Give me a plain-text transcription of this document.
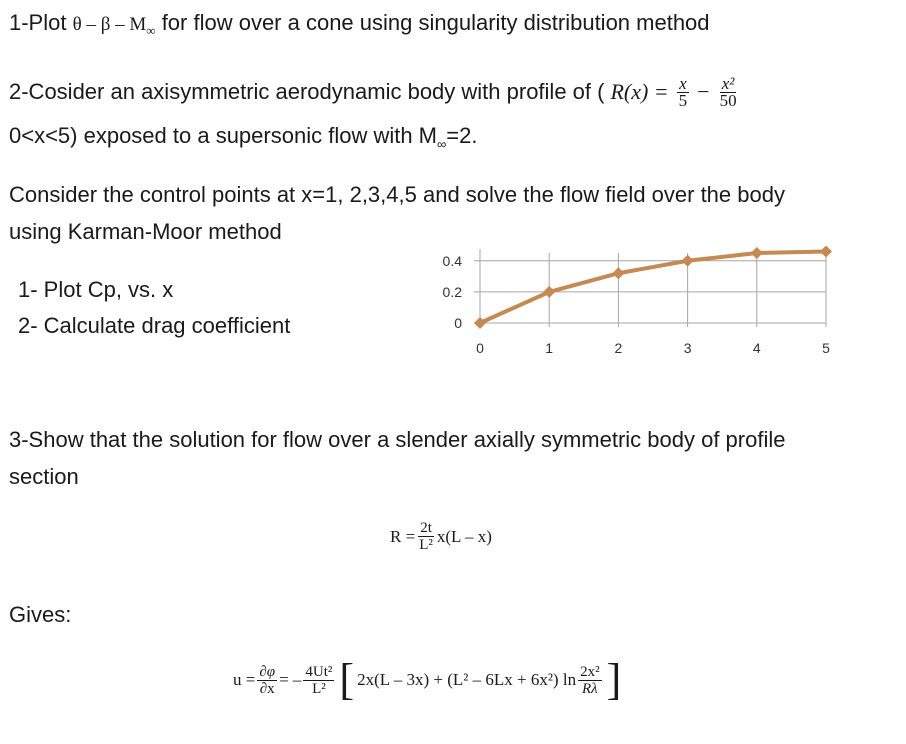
1-Plot θ – β – $M_\infty$ for flow over a cone using singularity distribution method
2-Cosider an axisymmetric aerodynamic body with profile of ( $R(x) = \frac{x}{5} - \frac{\text{x²}}{50}$
0<x<5) exposed to a supersonic flow with $M_\infty=2$.
Consider the control points at x=1, 2,3,4,5 and solve the flow field over the body
using Karman-Moor method
1- Plot Cp, vs. x
2- Calculate drag coefficient	0
0.2
0.4
0	1	2	3	4	5
3-Show that the solution for flow over a slender axially symmetric body of profile
section
$R = \frac{2t}{\text{L²}} x(L - x)$
Gives:
$u = \frac{\partial\varphi}{\partial x}$ = – $\frac{\text{4Ut²}}{\text{L²}}$ [ 2x(L – 3x) + (L² – 6Lx + 6x²) $\ln \frac{\text{2x²}}{R\lambda}$ ]
